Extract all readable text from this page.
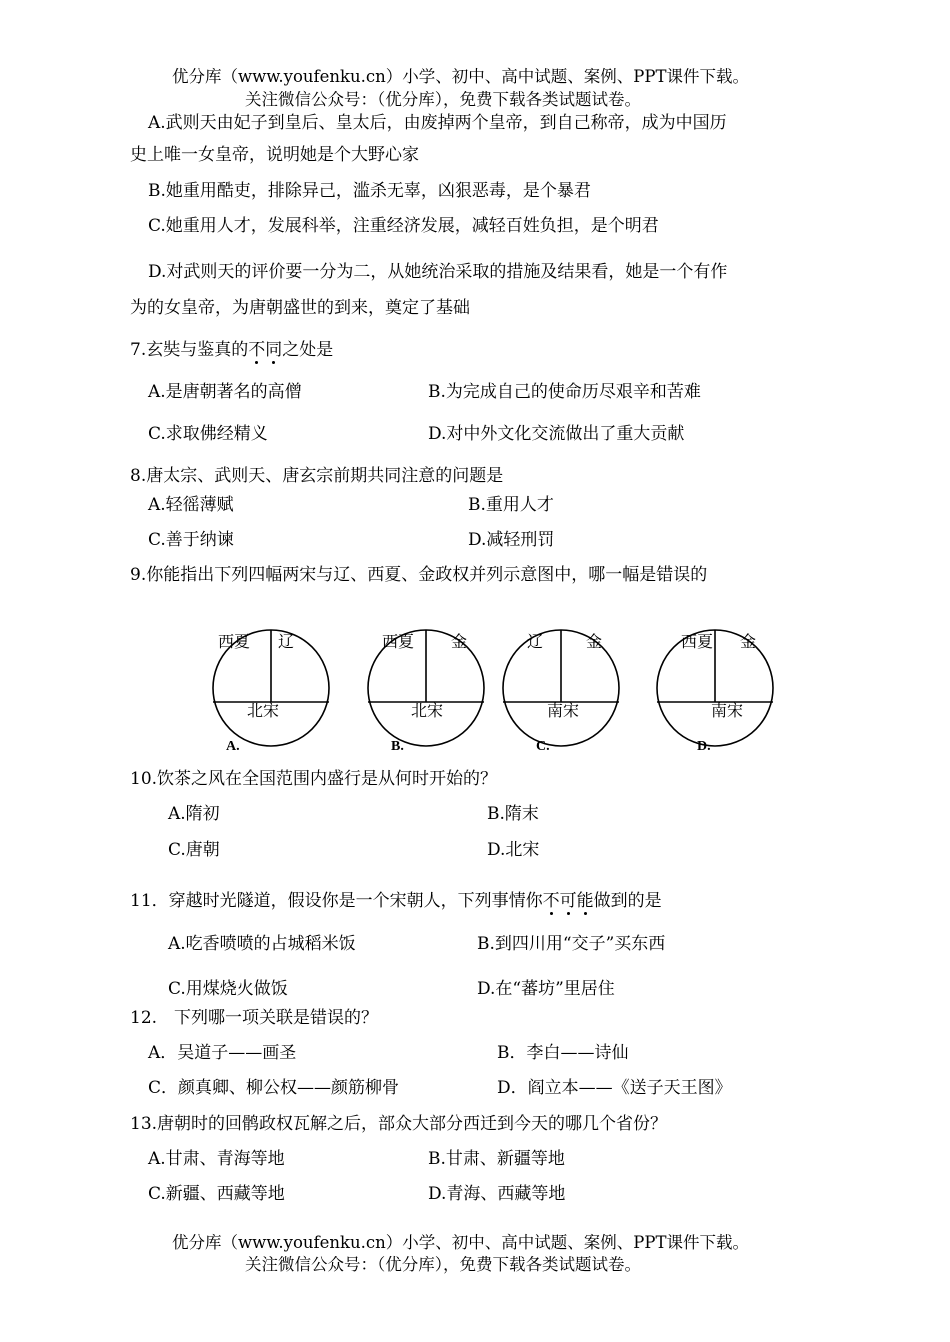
优分库（www.youfenku.cn）小学、初中、高中试题、案例、PPT课件下载。
关注微信公众号：（优分库），免费下载各类试题试卷。
A.武则天由妃子到皇后、皇太后，由废掉两个皇帝，到自己称帝，成为中国历
史上唯一女皇帝，说明她是个大野心家
B.她重用酷吏，排除异己，滥杀无辜，凶狠恶毒，是个暴君
C.她重用人才，发展科举，注重经济发展，减轻百姓负担，是个明君
D.对武则天的评价要一分为二，从她统治采取的措施及结果看，她是一个有作
为的女皇帝，为唐朝盛世的到来，奠定了基础
7.玄奘与鉴真的不同之处是
A.是唐朝著名的高僧	B.为完成自己的使命历尽艰辛和苦难
C.求取佛经精义	D.对中外文化交流做出了重大贡献
8.唐太宗、武则天、唐玄宗前期共同注意的问题是
A.轻徭薄赋	B.重用人才
C.善于纳谏	D.减轻刑罚
9.你能指出下列四幅两宋与辽、西夏、金政权并列示意图中，哪一幅是错误的
西夏 辽
北宋
A.
西夏 金
北宋
B.
辽	金
南宋
C.
西夏 金
南宋
D.
10.饮茶之风在全国范围内盛行是从何时开始的？
A.隋初	B.隋末
C.唐朝	D.北宋
11．穿越时光隧道，假设你是一个宋朝人，下列事情你不可能做到的是
A.吃香喷喷的占城稻米饭	B.到四川用“交子”买东西
C.用煤烧火做饭	D.在“蕃坊”里居住
12.　下列哪一项关联是错误的？
A．吴道子——画圣	B．李白——诗仙
C．颜真卿、柳公权——颜筋柳骨	D．阎立本——《送子天王图》
13.唐朝时的回鹘政权瓦解之后，部众大部分西迁到今天的哪几个省份？
A.甘肃、青海等地	B.甘肃、新疆等地
C.新疆、西藏等地	D.青海、西藏等地
优分库（www.youfenku.cn）小学、初中、高中试题、案例、PPT课件下载。
关注微信公众号：（优分库），免费下载各类试题试卷。
